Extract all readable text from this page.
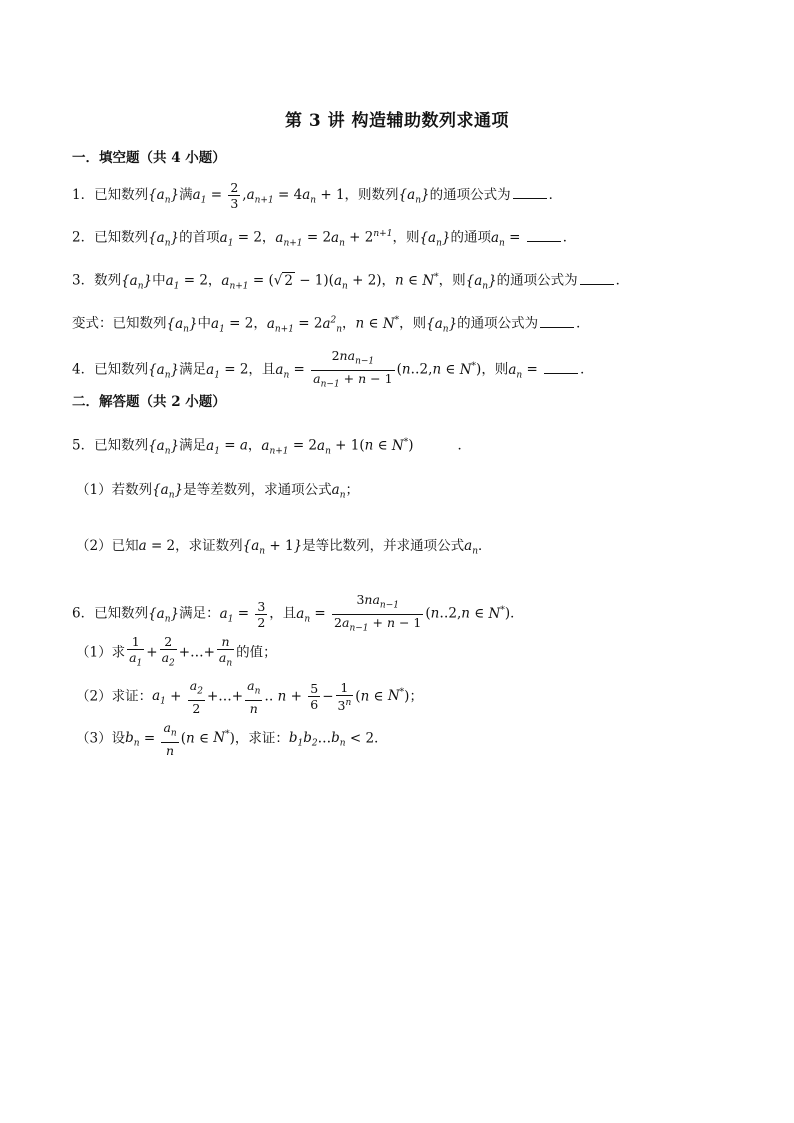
第 3 讲 构造辅助数列求通项
一．填空题（共 4 小题）
1．已知数列$\{a_n\}$满$a_1 = \frac{2}{3} ,a_{n+1} = 4a_n + 1$，则数列$\{a_n\}$的通项公式为	．
2．已知数列$\{a_n\}$的首项$a_1 = 2$，$a_{n+1} = 2a_n + 2^{n+1}$，则$\{a_n\}$的通项$a_n$ =	．
3．数列$\{a_n\}$中$a_1 = 2$，$a_{n+1}$ = (√ $2 - 1)(a_n + 2)$，n ∈ N*，则$\{a_n\}$的通项公式为	．
变式：已知数列$\{a_n\}$中$a_1 = 2$，$a_{n+1} = 2a^2_n$，n ∈ N*，则$\{a_n\}$的通项公式为	．
4．已知数列$\{a_n\}$满足$a_1 = 2$，且$a_n = \frac{2na_{n-1}}{a_{n-1} + n - 1}$ (n‥2,n ∈ N*)，则$a_n$ =	．
二．解答题（共 2 小题）
5．已知数列$\{a_n\}$满足$a_1 = a$，$a_{n+1} = 2a_n + 1(n$ ∈ N*)	．
（1）若数列$\{a_n\}$是等差数列，求通项公式$a_n$；
（2）已知a = 2，求证数列$\{a_n + 1\}$是等比数列，并求通项公式$a_n$．
6．已知数列$\{a_n\}$满足：$a_1 = \frac{3}{2}$ ，且$a_n = \frac{3na_{n-1}}{2a_{n-1} + n - 1}$ (n‥2,n ∈ N*)．
（1）求 $\frac{1}{a_1} + \frac{2}{a_2}$ +…+ $\frac{n}{a_n}$ 的值；
（2）求证：$a_1 + \frac{a_2}{2}$ +…+ $\frac{a_n}{n}$ ‥ $n + \frac{5}{6} - \frac{1}{3^n} (n$ ∈ N*)；
（3）设$b_n = \frac{a_n}{n} (n$ ∈ N*)，求证：$b_1b_2\dots b_n < 2$．
